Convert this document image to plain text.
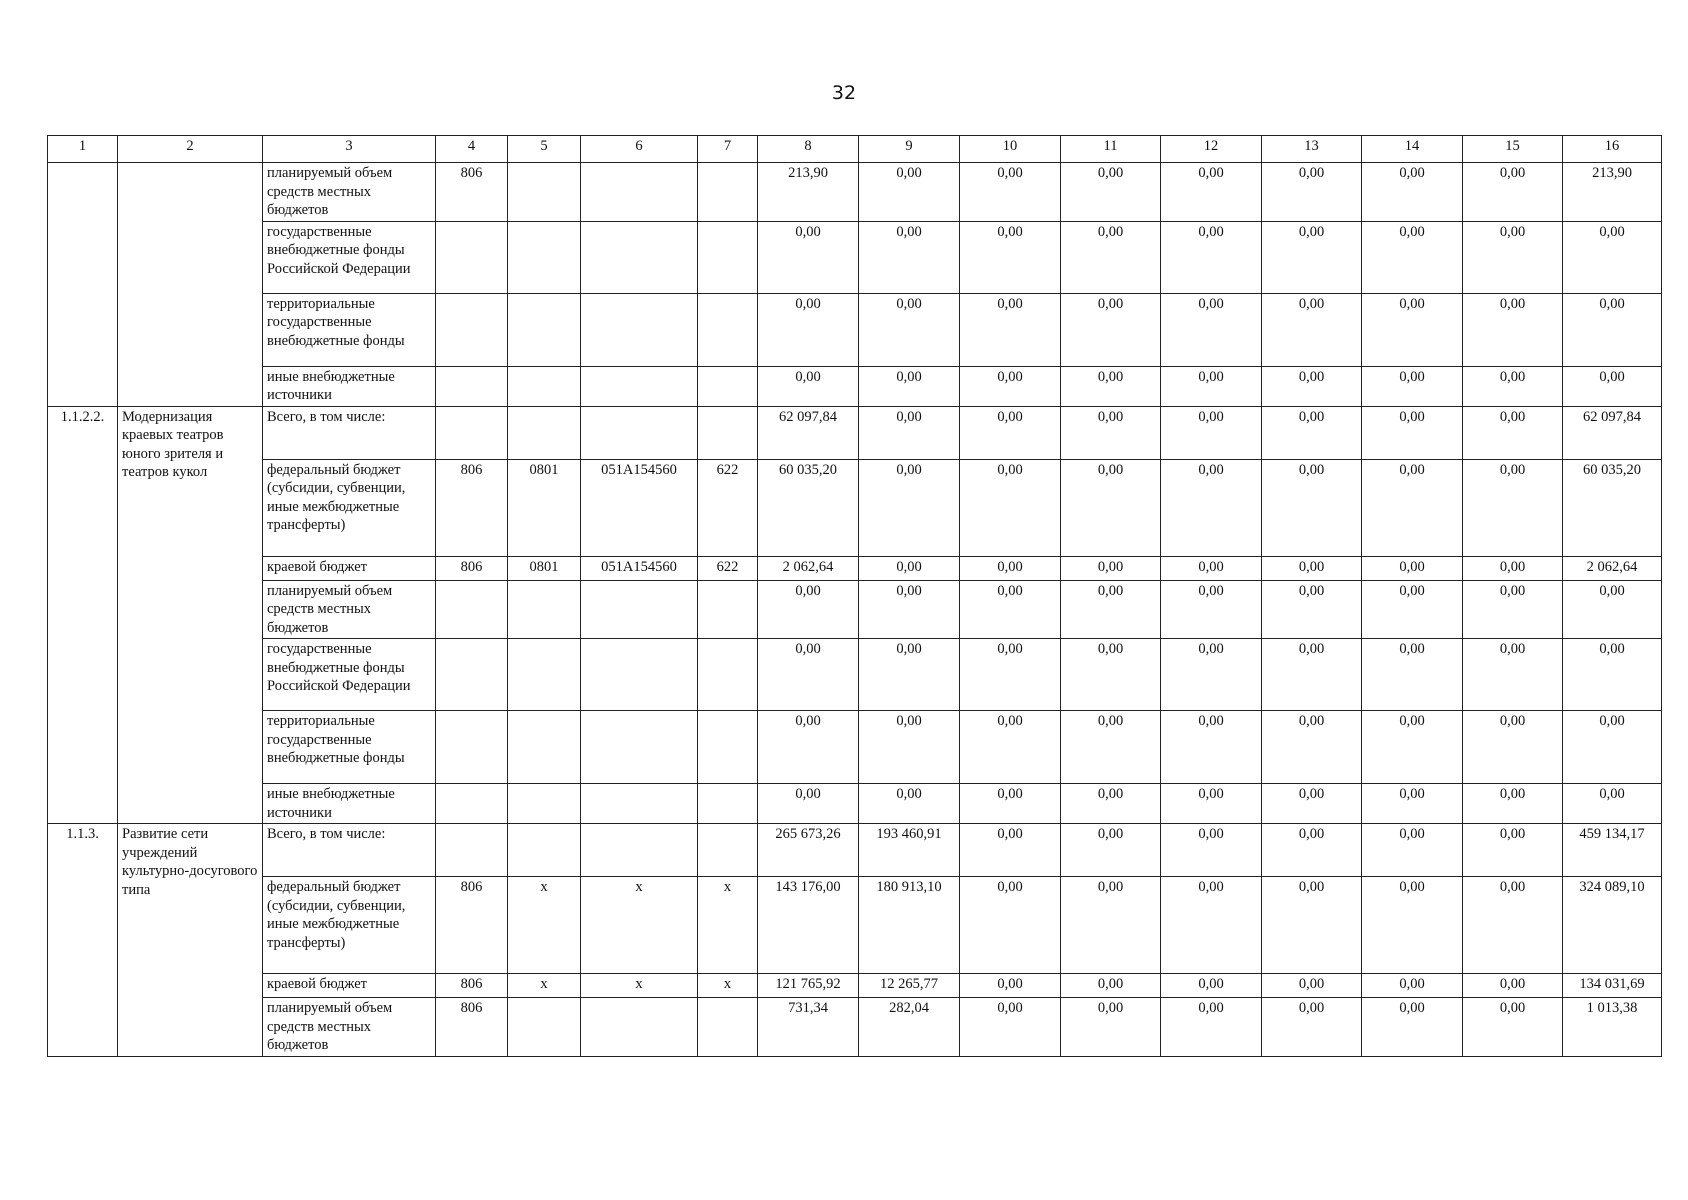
32
1	2	3	4	5	6	7	8	9	10	11	12	13	14	15	16
		планируемый объем средств местных бюджетов	806				213,90	0,00	0,00	0,00	0,00	0,00	0,00	0,00	213,90
		государственные внебюджетные фонды Российской Федерации					0,00	0,00	0,00	0,00	0,00	0,00	0,00	0,00	0,00
		территориальные государственные внебюджетные фонды					0,00	0,00	0,00	0,00	0,00	0,00	0,00	0,00	0,00
		иные внебюджетные источники					0,00	0,00	0,00	0,00	0,00	0,00	0,00	0,00	0,00
1.1.2.2.	Модернизация краевых театров юного зрителя и театров кукол	Всего, в том числе:					62 097,84	0,00	0,00	0,00	0,00	0,00	0,00	0,00	62 097,84
		федеральный бюджет (субсидии, субвенции, иные межбюджетные трансферты)	806	0801	051A154560	622	60 035,20	0,00	0,00	0,00	0,00	0,00	0,00	0,00	60 035,20
		краевой бюджет	806	0801	051A154560	622	2 062,64	0,00	0,00	0,00	0,00	0,00	0,00	0,00	2 062,64
		планируемый объем средств местных бюджетов					0,00	0,00	0,00	0,00	0,00	0,00	0,00	0,00	0,00
		государственные внебюджетные фонды Российской Федерации					0,00	0,00	0,00	0,00	0,00	0,00	0,00	0,00	0,00
		территориальные государственные внебюджетные фонды					0,00	0,00	0,00	0,00	0,00	0,00	0,00	0,00	0,00
		иные внебюджетные источники					0,00	0,00	0,00	0,00	0,00	0,00	0,00	0,00	0,00
1.1.3.	Развитие сети учреждений культурно-досугового типа	Всего, в том числе:					265 673,26	193 460,91	0,00	0,00	0,00	0,00	0,00	0,00	459 134,17
		федеральный бюджет (субсидии, субвенции, иные межбюджетные трансферты)	806	x	x	x	143 176,00	180 913,10	0,00	0,00	0,00	0,00	0,00	0,00	324 089,10
		краевой бюджет	806	x	x	x	121 765,92	12 265,77	0,00	0,00	0,00	0,00	0,00	0,00	134 031,69
		планируемый объем средств местных бюджетов	806				731,34	282,04	0,00	0,00	0,00	0,00	0,00	0,00	1 013,38
